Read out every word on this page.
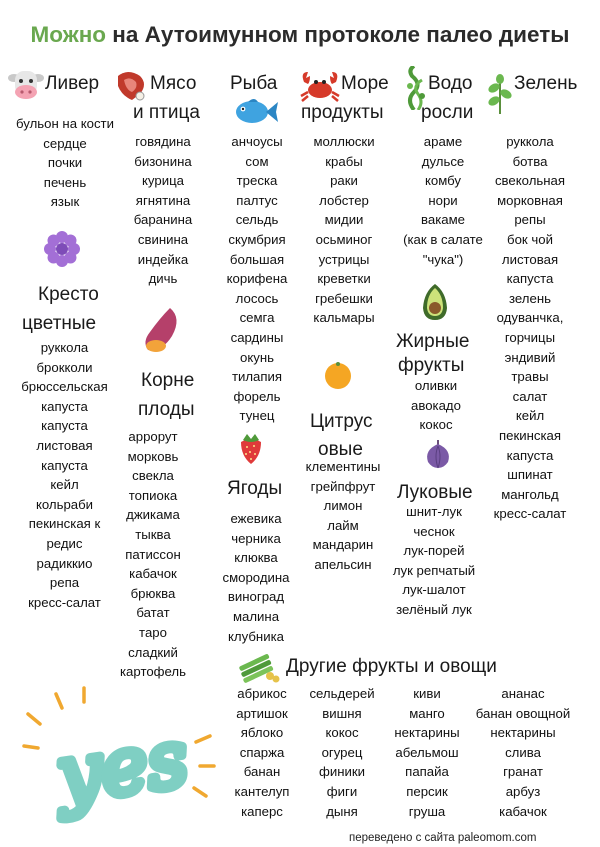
Можно на Аутоимунном протоколе палео диеты
Ливер
бульон на кости
сердце
почки
печень
язык
Мясо
и птица
говядина
бизонина
курица
ягнятина
баранина
свинина
индейка
дичь
Рыба
анчоусы
сом
треска
палтус
сельдь
скумбрия
большая
корифена
лосось
семга
сардины
окунь
тилапия
форель
тунец
Море
продукты
моллюски
крабы
раки
лобстер
мидии
осьминог
устрицы
креветки
гребешки
кальмары
Водо
росли
араме
дульсе
комбу
нори
вакаме
(как в салате
"чука")
Зелень
руккола
ботва
свекольная
морковная
репы
бок чой
листовая
капуста
зелень
одуванчка,
горчицы
эндивий
травы
салат
кейл
пекинская
капуста
шпинат
мангольд
кресс-салат
Кресто
цветные
руккола
брокколи
брюссельская
капуста
капуста
листовая
капуста
кейл
кольраби
пекинская к
редис
радиккио
репа
кресс-салат
Корне
плоды
аррорут
морковь
свекла
топиока
джикама
тыква
патиссон
кабачок
брюква
батат
таро
сладкий
картофель
Ягоды
ежевика
черника
клюква
смородина
виноград
малина
клубника
Цитрус
овые
клементины
грейпфрут
лимон
лайм
мандарин
апельсин
Жирные
фрукты
оливки
авокадо
кокос
Луковые
шнит-лук
чеснок
лук-порей
лук репчатый
лук-шалот
зелёный лук
Другие фрукты и овощи
абрикос
артишок
яблоко
спаржа
банан
кантелуп
каперс
сельдерей
вишня
кокос
огурец
финики
фиги
дыня
киви
манго
нектарины
абельмош
папайа
персик
груша
ананас
банан овощной
нектарины
слива
гранат
арбуз
кабачок
yes
переведено с сайта paleomom.com
